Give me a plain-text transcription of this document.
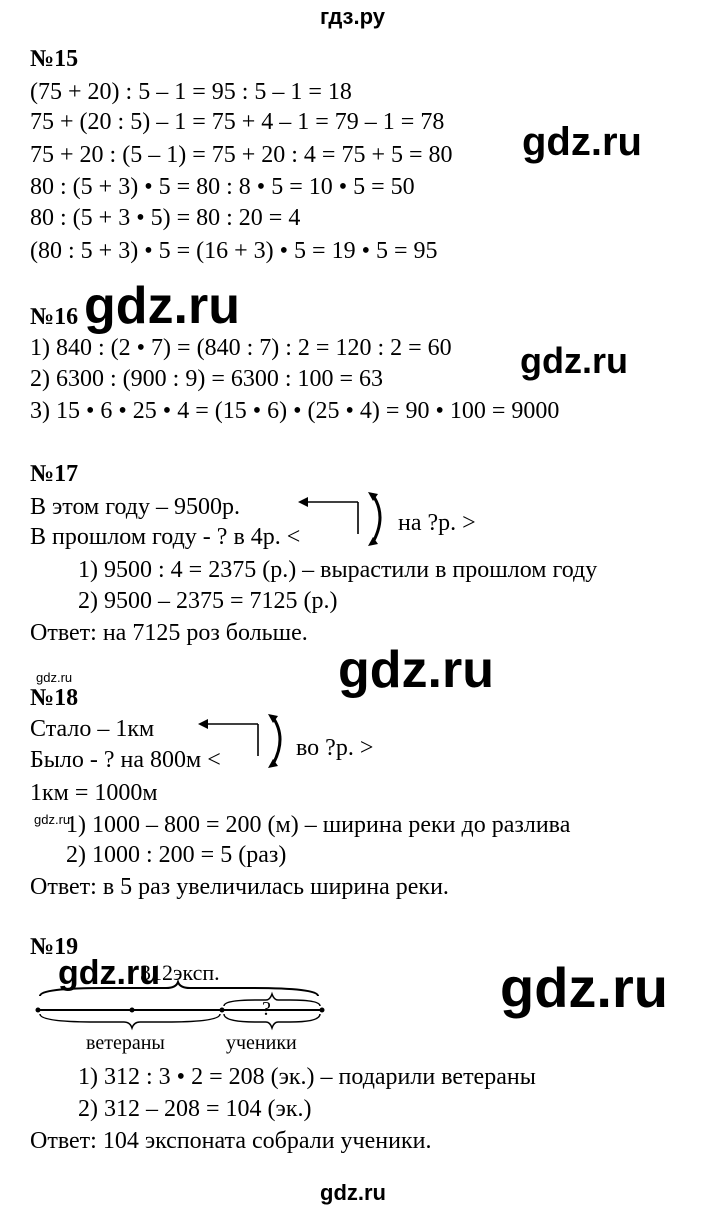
гдз.ру
№15
(75 + 20) : 5 – 1 = 95 : 5 – 1 = 18
75 + (20 : 5) – 1 = 75 + 4 – 1 = 79 – 1 = 78
75 + 20 : (5 – 1) = 75 + 20 : 4 = 75 + 5 = 80
80 : (5 + 3) • 5 = 80 : 8 • 5 = 10 • 5 = 50
80 : (5 + 3 • 5) = 80 : 20 = 4
(80 : 5 + 3) • 5 = (16 + 3) • 5 = 19 • 5 = 95
gdz.ru
№16 gdz.ru
1) 840 : (2 • 7) = (840 : 7) : 2 = 120 : 2 = 60
2) 6300 : (900 : 9) = 6300 : 100 = 63
3) 15 • 6 • 25 • 4 = (15 • 6) • (25 • 4) = 90 • 100 = 9000
gdz.ru
№17
В этом году – 9500р.
В прошлом году - ? в 4р. <
на ?р. >
1) 9500 : 4 = 2375 (р.) – вырастили в прошлом году
2) 9500 – 2375 = 7125 (р.)
Ответ: на 7125 роз больше.
gdz.ru
gdz.ru
№18
Стало – 1км
Было - ? на 800м <	во ?р. >
1км = 1000м
gdz.ru
1) 1000 – 800 = 200 (м) – ширина реки до разлива
2) 1000 : 200 = 5 (раз)
Ответ: в 5 раз увеличилась ширина реки.
№19
312эксп.
gdz.ru
?
ветераны	ученики
gdz.ru
1) 312 : 3 • 2 = 208 (эк.) – подарили ветераны
2) 312 – 208 = 104 (эк.)
Ответ: 104 экспоната собрали ученики.
gdz.ru
